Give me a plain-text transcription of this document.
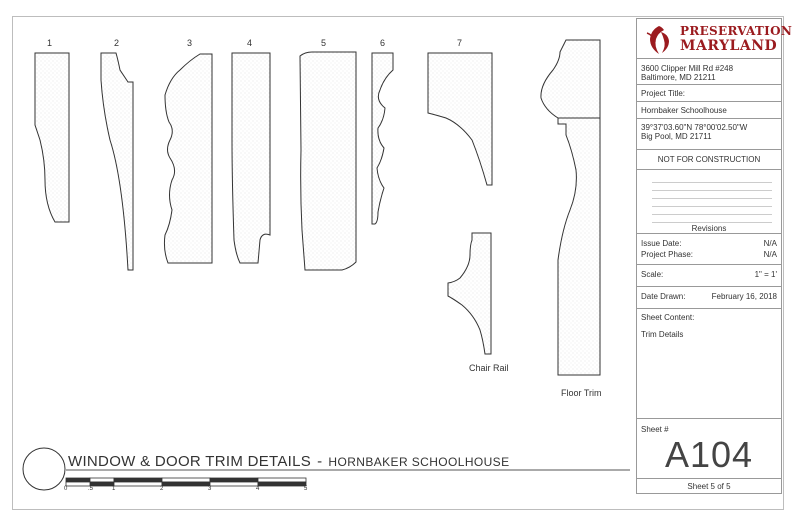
1	2	3	4	5	6	7
Chair Rail
Floor Trim
WINDOW & DOOR TRIM DETAILS - HORNBAKER SCHOOLHOUSE
0	.5	1	2	3	4	5
PRESERVATION
MARYLAND
3600 Clipper Mill Rd #248
Baltimore, MD 21211
Project Title:
Hornbaker Schoolhouse
39°37'03.60"N 78°00'02.50"W
Big Pool, MD 21711
NOT FOR CONSTRUCTION
Revisions
Issue Date:	N/A
Project Phase:	N/A
Scale:	1" = 1'
Date Drawn:	February 16, 2018
Sheet Content:
Trim Details
Sheet #
A104
Sheet 5 of 5
